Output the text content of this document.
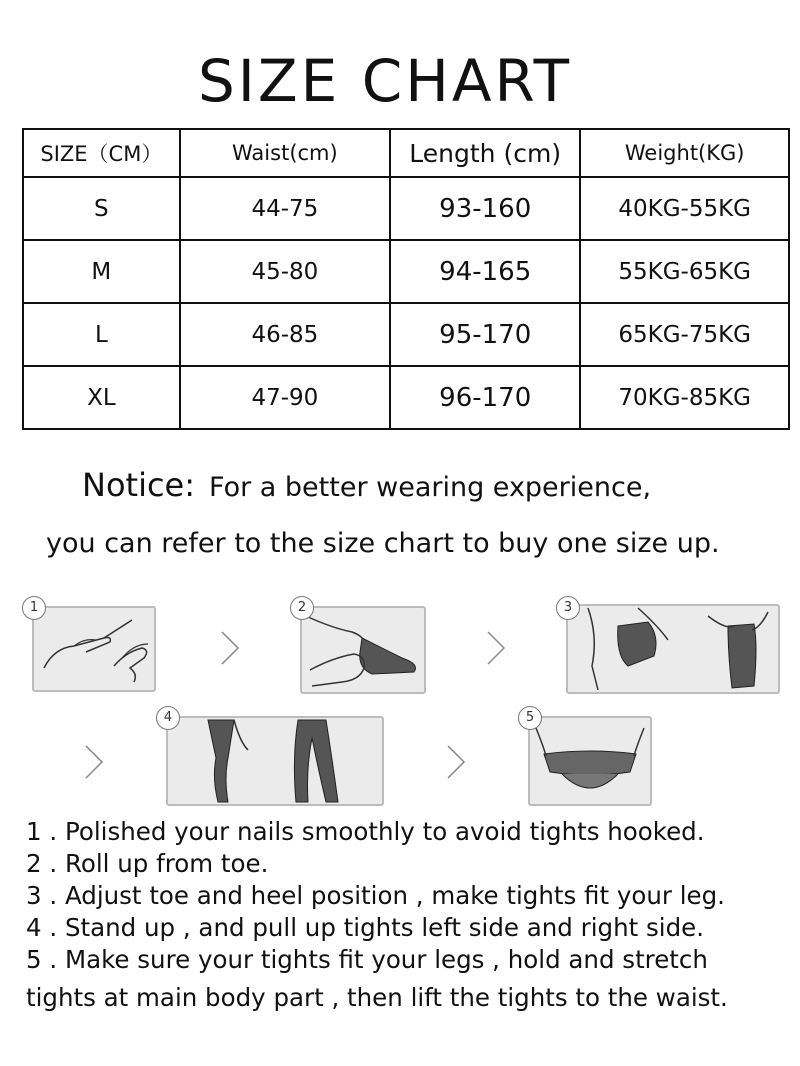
SIZE CHART
SIZE（CM）	Waist(cm)	Length (cm)	Weight(KG)
S	44-75	93-160	40KG-55KG
M	45-80	94-165	55KG-65KG
L	46-85	95-170	65KG-75KG
XL	47-90	96-170	70KG-85KG
Notice: For a better wearing experience,
you can refer to the size chart to buy one size up.
1	2	3
4	5
1 . Polished your nails smoothly to avoid tights hooked.
2 . Roll up from toe.
3 . Adjust toe and heel position , make tights fit your leg.
4 . Stand up , and pull up tights left side and right side.
5 . Make sure your tights fit your legs , hold and stretch
tights at main body part , then lift the tights to the waist.
